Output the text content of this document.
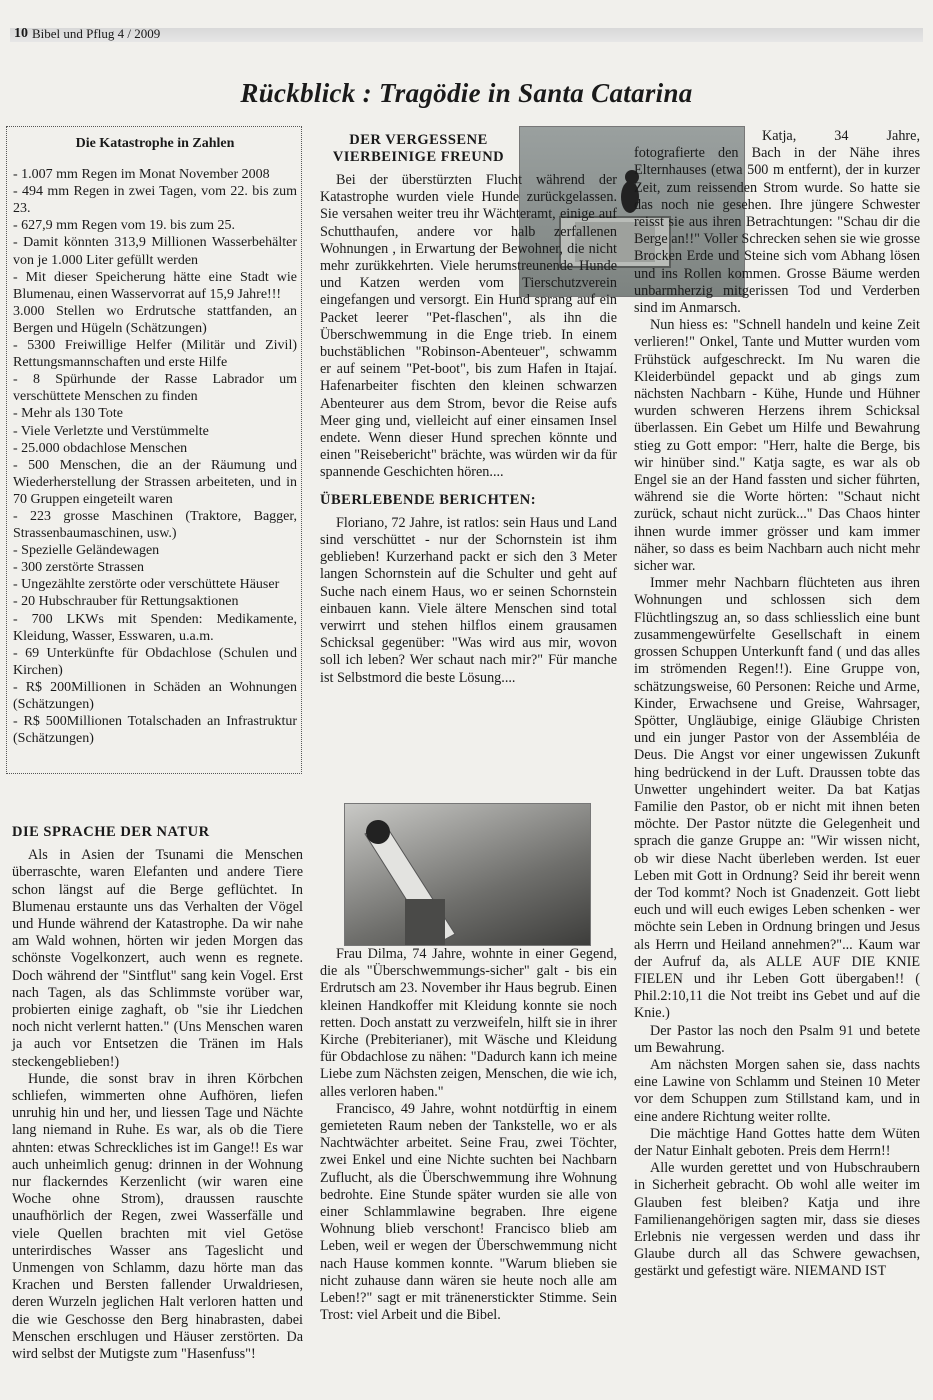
10 Bibel und Pflug 4 / 2009
Rückblick : Tragödie in Santa Catarina
Die Katastrophe in Zahlen
- 1.007 mm Regen im Monat November 2008
- 494 mm Regen in zwei Tagen, vom 22. bis zum 23.
- 627,9 mm Regen vom 19. bis zum 25.
- Damit könnten 313,9 Millionen Wasserbehälter von je 1.000 Liter gefüllt werden
- Mit dieser Speicherung hätte eine Stadt wie Blumenau, einen Wasservorrat auf 15,9 Jahre!!!
3.000 Stellen wo Erdrutsche stattfanden, an Bergen und Hügeln (Schätzungen)
- 5300 Freiwillige Helfer (Militär und Zivil) Rettungsmannschaften und erste Hilfe
- 8 Spürhunde der Rasse Labrador um verschüttete Menschen zu finden
- Mehr als 130 Tote
- Viele Verletzte und Verstümmelte
- 25.000 obdachlose Menschen
- 500 Menschen, die an der Räumung und Wiederherstellung der Strassen arbeiteten, und in 70 Gruppen eingeteilt waren
- 223 grosse Maschinen (Traktore, Bagger, Strassenbaumaschinen, usw.)
- Spezielle Geländewagen
- 300 zerstörte Strassen
- Ungezählte zerstörte oder verschüttete Häuser
- 20 Hubschrauber für Rettungsaktionen
- 700 LKWs mit Spenden: Medikamente, Kleidung, Wasser, Esswaren, u.a.m.
- 69 Unterkünfte für Obdachlose (Schulen und Kirchen)
- R$ 200Millionen in Schäden an Wohnungen (Schätzungen)
- R$ 500Millionen Totalschaden an Infrastruktur (Schätzungen)
DIE SPRACHE DER NATUR

Als in Asien der Tsunami die Menschen überraschte, waren Elefanten und andere Tiere schon längst auf die Berge geflüchtet. In Blumenau erstaunte uns das Verhalten der Vögel und Hunde während der Katastrophe. Da wir nahe am Wald wohnen, hörten wir jeden Morgen das schönste Vogelkonzert, auch wenn es regnete. Doch während der "Sintflut" sang kein Vogel. Erst nach Tagen, als das Schlimmste vorüber war, probierten einige zaghaft, ob "sie ihr Liedchen noch nicht verlernt hatten." (Uns Menschen waren ja auch vor Entsetzen die Tränen im Hals steckengeblieben!)

Hunde, die sonst brav in ihren Körbchen schliefen, wimmerten ohne Aufhören, liefen unruhig hin und her, und liessen Tage und Nächte lang niemand in Ruhe. Es war, als ob die Tiere ahnten: etwas Schreckliches ist im Gange!! Es war auch unheimlich genug: drinnen in der Wohnung nur flackerndes Kerzenlicht (wir waren eine Woche ohne Strom), draussen rauschte unaufhörlich der Regen, zwei Wasserfälle und viele Quellen brachten mit viel Getöse unterirdisches Wasser ans Tageslicht und Unmengen von Schlamm, dazu hörte man das Krachen und Bersten fallender Urwaldriesen, deren Wurzeln jeglichen Halt verloren hatten und die wie Geschosse den Berg hinabrasten, dabei Menschen erschlugen und Häuser zerstörten. Da wird selbst der Mutigste zum "Hasenfuss"!

DER VERGESSENE VIERBEINIGE FREUND

Bei der überstürzten Flucht während der Katastrophe wurden viele Hunde zurückgelassen. Sie versahen weiter treu ihr Wächteramt, einige auf Schutthaufen, andere vor halb zerfallenen Wohnungen , in Erwartung der Bewohner, die nicht mehr zurükkehrten. Viele herumstreunende Hunde und Katzen werden vom Tierschutzverein eingefangen und versorgt. Ein Hund sprang auf ein Packet leerer "Pet-flaschen", als ihn die Überschwemmung in die Enge trieb. In einem buchstäblichen "Robinson-Abenteuer", schwamm er auf seinem "Pet-boot", bis zum Hafen in Itajaí. Hafenarbeiter fischten den kleinen schwarzen Abenteurer aus dem Strom, bevor die Reise aufs Meer ging und, vielleicht auf einer einsamen Insel endete. Wenn dieser Hund sprechen könnte und einen "Reisebericht" brächte, was würden wir da für spannende Geschichten hören....

ÜBERLEBENDE BERICHTEN:

Floriano, 72 Jahre, ist ratlos: sein Haus und Land sind verschüttet - nur der Schornstein ist ihm geblieben! Kurzerhand packt er sich den 3 Meter langen Schornstein auf die Schulter und geht auf Suche nach einem Haus, wo er seinen Schornstein einbauen kann. Viele ältere Menschen sind total verwirrt und stehen hilflos einem grausamen Schicksal gegenüber: "Was wird aus mir, wovon soll ich leben? Wer schaut nach mir?" Für manche ist Selbstmord die beste Lösung....

Frau Dilma, 74 Jahre, wohnte in einer Gegend, die als "Überschwemmungs-sicher" galt - bis ein Erdrutsch am 23. November ihr Haus begrub. Einen kleinen Handkoffer mit Kleidung konnte sie noch retten. Doch anstatt zu verzweifeln, hilft sie in ihrer Kirche (Prebiterianer), mit Wäsche und Kleidung für Obdachlose zu nähen: "Dadurch kann ich meine Liebe zum Nächsten zeigen, Menschen, die wie ich, alles verloren haben."

Francisco, 49 Jahre, wohnt notdürftig in einem gemieteten Raum neben der Tankstelle, wo er als Nachtwächter arbeitet. Seine Frau, zwei Töchter, zwei Enkel und eine Nichte suchten bei Nachbarn Zuflucht, als die Überschwemmung ihre Wohnung bedrohte. Eine Stunde später wurden sie alle von einer Schlammlawine begraben. Ihre eigene Wohnung blieb verschont! Francisco blieb am Leben, weil er wegen der Überschwemmung nicht nach Hause kommen konnte. "Warum blieben sie nicht zuhause dann wären sie heute noch alle am Leben!?" sagt er mit tränenerstickter Stimme. Sein Trost: viel Arbeit und die Bibel.

Katja, 34 Jahre, fotografierte den Bach in der Nähe ihres Elternhauses (etwa 500 m entfernt), der in kurzer Zeit, zum reissenden Strom wurde. So hatte sie das noch nie gesehen. Ihre jüngere Schwester reisst sie aus ihren Betrachtungen: "Schau dir die Berge an!!" Voller Schrecken sehen sie wie grosse Brocken Erde und Steine sich vom Abhang lösen und ins Rollen kommen. Grosse Bäume werden unbarmherzig mitgerissen Tod und Verderben sind im Anmarsch.

Nun hiess es: "Schnell handeln und keine Zeit verlieren!" Onkel, Tante und Mutter wurden vom Frühstück aufgeschreckt. Im Nu waren die Kleiderbündel gepackt und ab gings zum nächsten Nachbarn - Kühe, Hunde und Hühner wurden schweren Herzens ihrem Schicksal überlassen. Ein Gebet um Hilfe und Bewahrung stieg zu Gott empor: "Herr, halte die Berge, bis wir hinüber sind." Katja sagte, es war als ob Engel sie an der Hand fassten und sicher führten, während sie die Worte hörten: "Schaut nicht zurück, schaut nicht zurück..." Das Chaos hinter ihnen wurde immer grösser und kam immer näher, so dass es beim Nachbarn auch nicht mehr sicher war.

Immer mehr Nachbarn flüchteten aus ihren Wohnungen und schlossen sich dem Flüchtlingszug an, so dass schliesslich eine bunt zusammengewürfelte Gesellschaft in einem grossen Schuppen Unterkunft fand ( und das alles im strömenden Regen!!). Eine Gruppe von, schätzungsweise, 60 Personen: Reiche und Arme, Kinder, Erwachsene und Greise, Wahrsager, Spötter, Ungläubige, einige Gläubige Christen und ein junger Pastor von der Assembléia de Deus. Die Angst vor einer ungewissen Zukunft hing bedrückend in der Luft. Draussen tobte das Unwetter ungehindert weiter. Da bat Katjas Familie den Pastor, ob er nicht mit ihnen beten möchte. Der Pastor nützte die Gelegenheit und sprach die ganze Gruppe an: "Wir wissen nicht, ob wir diese Nacht überleben werden. Ist euer Leben mit Gott in Ordnung? Seid ihr bereit wenn der Tod kommt? Noch ist Gnadenzeit. Gott liebt euch und will euch ewiges Leben schenken - wer möchte sein Leben in Ordnung bringen und Jesus als Herrn und Heiland annehmen?"... Kaum war der Aufruf da, als ALLE AUF DIE KNIE FIELEN und ihr Leben Gott übergaben!! ( Phil.2:10,11 die Not treibt ins Gebet und auf die Knie.)

Der Pastor las noch den Psalm 91 und betete um Bewahrung.

Am nächsten Morgen sahen sie, dass nachts eine Lawine von Schlamm und Steinen 10 Meter vor dem Schuppen zum Stillstand kam, und in eine andere Richtung weiter rollte.

Die mächtige Hand Gottes hatte dem Wüten der Natur Einhalt geboten. Preis dem Herrn!!

Alle wurden gerettet und von Hubschraubern in Sicherheit gebracht. Ob wohl alle weiter im Glauben fest bleiben? Katja und ihre Familienangehörigen sagten mir, dass sie dieses Erlebnis nie vergessen werden und dass ihr Glaube durch all das Schwere gewachsen, gestärkt und gefestigt wäre. NIEMAND IST
